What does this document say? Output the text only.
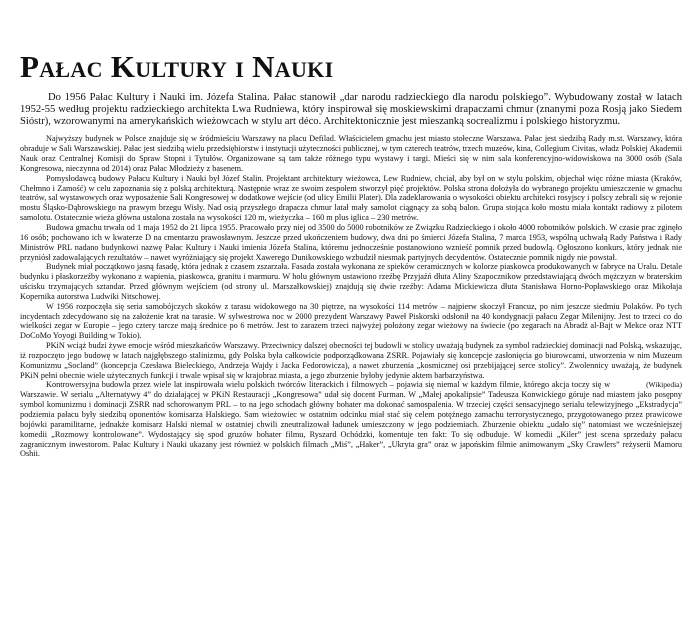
Pałac Kultury i Nauki

Do 1956 Pałac Kultury i Nauki im. Józefa Stalina. Pałac stanowił „dar narodu radzieckiego dla narodu polskiego”. Wybudowany został w latach 1952-55 według projektu radzieckiego architekta Lwa Rudniewa, który inspirował się moskiewskimi drapaczami chmur (znanymi poza Rosją jako Siedem Sióstr), wzorowanymi na amerykańskich wieżowcach w stylu art déco. Architektonicznie jest mieszanką socrealizmu i polskiego historyzmu.

Najwyższy budynek w Polsce znajduje się w śródmieściu Warszawy na placu Defilad. Właścicielem gmachu jest miasto stołeczne Warszawa. Pałac jest siedzibą Rady m.st. Warszawy, która obraduje w Sali Warszawskiej. Pałac jest siedzibą wielu przedsiębiorstw i instytucji użyteczności publicznej, w tym czterech teatrów, trzech muzeów, kina, Collegium Civitas, władz Polskiej Akademii Nauk oraz Centralnej Komisji do Spraw Stopni i Tytułów. Organizowane są tam także różnego typu wystawy i targi. Mieści się w nim sala konferencyjno-widowiskowa na 3000 osób (Sala Kongresowa, nieczynna od 2014) oraz Pałac Młodzieży z basenem.

Pomysłodawcą budowy Pałacu Kultury i Nauki był Józef Stalin. Projektant architektury wieżowca, Lew Rudniew, chciał, aby był on w stylu polskim, objechał więc różne miasta (Kraków, Chełmno i Zamość) w celu zapoznania się z polską architekturą. Następnie wraz ze swoim zespołem stworzył pięć projektów. Polska strona dołożyła do wybranego projektu umieszczenie w gmachu teatrów, sal wystawowych oraz wyposażenie Sali Kongresowej w dodatkowe wejście (od ulicy Emilii Plater). Dla zadeklarowania o wysokości obiektu architekci rosyjscy i polscy zebrali się w rejonie mostu Śląsko-Dąbrowskiego na prawym brzegu Wisły. Nad osią przyszłego drapacza chmur latał mały samolot ciągnący za sobą balon. Grupa stojąca koło mostu miała kontakt radiowy z pilotem samolotu. Ostatecznie wieża główna ustalona została na wysokości 120 m, wieżyczka – 160 m plus iglica – 230 metrów.

Budowa gmachu trwała od 1 maja 1952 do 21 lipca 1955. Pracowało przy niej od 3500 do 5000 robotników ze Związku Radzieckiego i około 4000 robotników polskich. W czasie prac zginęło 16 osób; pochowano ich w kwaterze D na cmentarzu prawosławnym. Jeszcze przed ukończeniem budowy, dwa dni po śmierci Józefa Stalina, 7 marca 1953, wspólną uchwałą Rady Państwa i Rady Ministrów PRL nadano budynkowi nazwę Pałac Kultury i Nauki imienia Józefa Stalina, któremu jednocześnie postanowiono wznieść pomnik przed budowlą. Ogłoszono konkurs, który jednak nie przyniósł zadowalających rezultatów – nawet wyróżniający się projekt Xawerego Dunikowskiego wzbudził niesmak partyjnych decydentów. Ostatecznie pomnik nigdy nie powstał.

Budynek miał początkowo jasną fasadę, która jednak z czasem zszarzała. Fasada została wykonana ze spieków ceramicznych w kolorze piaskowca produkowanych w fabryce na Uralu. Detale budynku i płaskorzeźby wykonano z wapienia, piaskowca, granitu i marmuru. W holu głównym ustawiono rzeźbę Przyjaźń dłuta Aliny Szapocznikow przedstawiającą dwóch mężczyzn w braterskim uścisku trzymających sztandar. Przed głównym wejściem (od strony ul. Marszałkowskiej) znajdują się dwie rzeźby: Adama Mickiewicza dłuta Stanisława Horno-Popławskiego oraz Mikołaja Kopernika autorstwa Ludwiki Nitschowej.

W 1956 rozpoczęła się seria samobójczych skoków z tarasu widokowego na 30 piętrze, na wysokości 114 metrów – najpierw skoczył Francuz, po nim jeszcze siedmiu Polaków. Po tych incydentach zdecydowano się na założenie krat na tarasie. W sylwestrowa noc w 2000 prezydent Warszawy Paweł Piskorski odsłonił na 40 kondygnacji pałacu Zegar Milenijny. Jest to trzeci co do wielkości zegar w Europie – jego cztery tarcze mają średnice po 6 metrów. Jest to zarazem trzeci najwyżej położony zegar wieżowy na świecie (po zegarach na Abradż al-Bajt w Mekce oraz NTT DoCoMo Yoyogi Building w Tokio).

PKiN wciąż budzi żywe emocje wśród mieszkańców Warszawy. Przeciwnicy dalszej obecności tej budowli w stolicy uważają budynek za symbol radzieckiej dominacji nad Polską, wskazując, iż rozpoczęto jego budowę w latach najgłębszego stalinizmu, gdy Polska była całkowicie podporządkowana ZSRR. Pojawiały się koncepcje zasłonięcia go biurowcami, utworzenia w nim Muzeum Komunizmu „Socland” (koncepcja Czesława Bieleckiego, Andrzeja Wajdy i Jacka Fedorowicza), a nawet zburzenia „kosmicznej osi przebijającej serce stolicy”. Zwolennicy uważają, że budynek PKiN pełni obecnie wiele użytecznych funkcji i trwale wpisał się w krajobraz miasta, a jego zburzenie byłoby jedynie aktem barbarzyństwa.

(Wikipedia)
Kontrowersyjna budowla przez wiele lat inspirowała wielu polskich twórców literackich i filmowych – pojawia się niemal w każdym filmie, którego akcja toczy się w Warszawie. W serialu „Alternatywy 4” do działającej w PKiN Restauracji „Kongresowa” udał się docent Furman. W „Małej apokalipsie” Tadeusza Konwickiego góruje nad miastem jako posępny symbol komunizmu i dominacji ZSRR nad schorowanym PRL – to na jego schodach główny bohater ma dokonać samospalenia. W trzeciej części sensacyjnego serialu telewizyjnego „Ekstradycja” podziemia pałacu były siedzibą oponentów komisarza Halskiego. Sam wieżowiec w ostatnim odcinku miał stać się celem potężnego zamachu terrorystycznego, przygotowanego przez prawicowe bojówki paramilitarne, jednakże komisarz Halski niemal w ostatniej chwili zneutralizował ładunek umieszczony w jego podziemiach. Zburzenie obiektu „udało się” natomiast we wcześniejszej komedii „Rozmowy kontrolowane”. Wydostający się spod gruzów bohater filmu, Ryszard Ochódzki, komentuje ten fakt: To się odbuduje. W komedii „Kiler” jest scena sprzedaży pałacu zagranicznym inwestorom. Pałac Kultury i Nauki ukazany jest również w polskich filmach „Miś”, „Haker”, „Ukryta gra” oraz w japońskim filmie animowanym „Sky Crawlers” reżyserii Mamoru Oshii.
